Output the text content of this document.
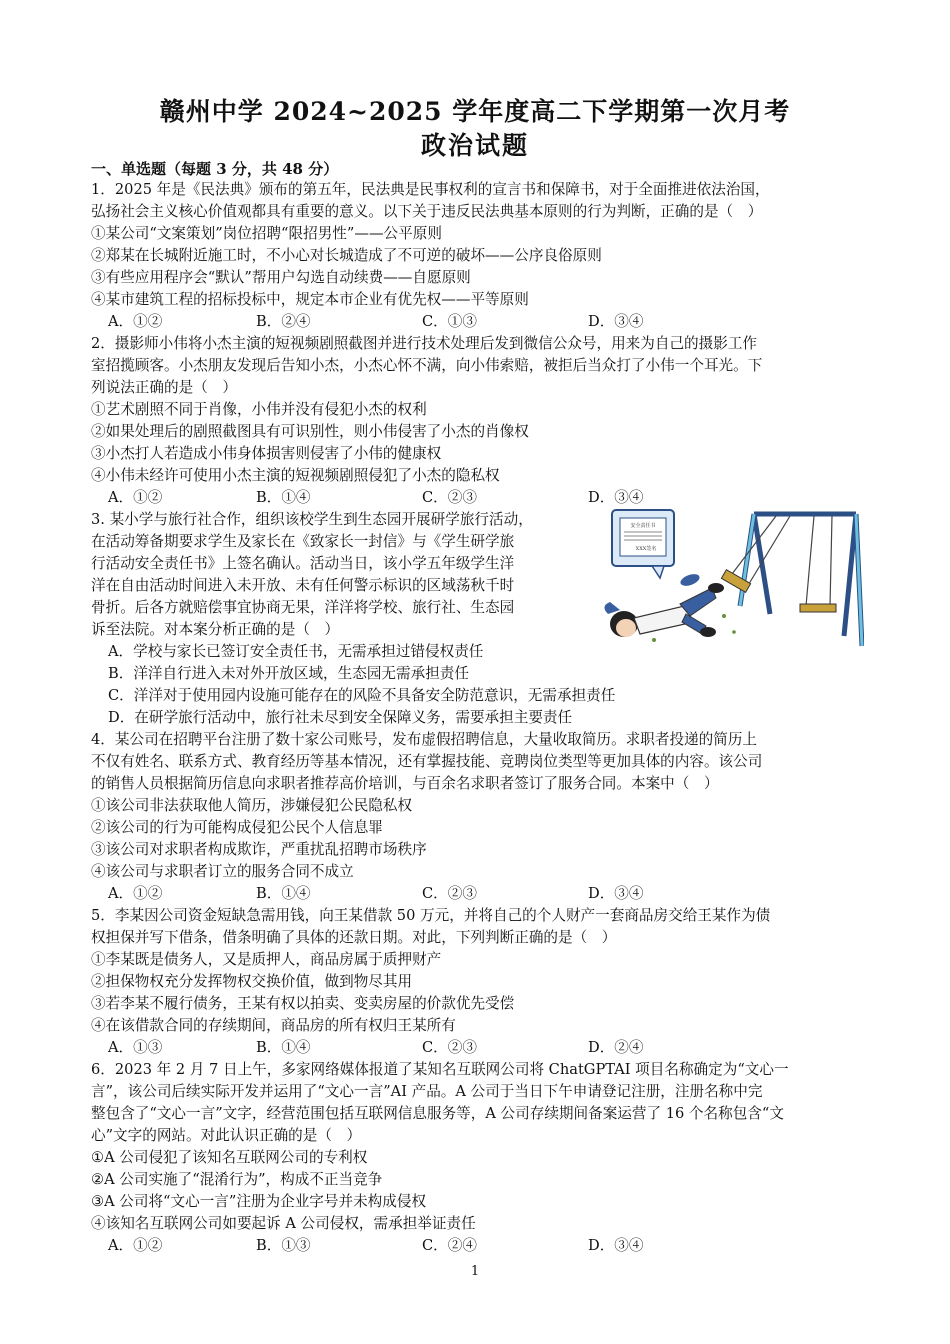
赣州中学 2024~2025 学年度高二下学期第一次月考
政治试题
一、单选题（每题 3 分，共 48 分）
1．2025 年是《民法典》颁布的第五年，民法典是民事权利的宣言书和保障书，对于全面推进依法治国，
弘扬社会主义核心价值观都具有重要的意义。以下关于违反民法典基本原则的行为判断，正确的是（　）
①某公司“文案策划”岗位招聘“限招男性”——公平原则
②郑某在长城附近施工时，不小心对长城造成了不可逆的破坏——公序良俗原则
③有些应用程序会“默认”帮用户勾选自动续费——自愿原则
④某市建筑工程的招标投标中，规定本市企业有优先权——平等原则
A．①②	B．②④	C．①③	D．③④
2．摄影师小伟将小杰主演的短视频剧照截图并进行技术处理后发到微信公众号，用来为自己的摄影工作
室招揽顾客。小杰朋友发现后告知小杰，小杰心怀不满，向小伟索赔，被拒后当众打了小伟一个耳光。下
列说法正确的是（　）
①艺术剧照不同于肖像，小伟并没有侵犯小杰的权利
②如果处理后的剧照截图具有可识别性，则小伟侵害了小杰的肖像权
③小杰打人若造成小伟身体损害则侵害了小伟的健康权
④小伟未经许可使用小杰主演的短视频剧照侵犯了小杰的隐私权
A．①②	B．①④	C．②③	D．③④
3. 某小学与旅行社合作，组织该校学生到生态园开展研学旅行活动，
在活动筹备期要求学生及家长在《致家长一封信》与《学生研学旅
行活动安全责任书》上签名确认。活动当日，该小学五年级学生洋
洋在自由活动时间进入未开放、未有任何警示标识的区域荡秋千时
骨折。后各方就赔偿事宜协商无果，洋洋将学校、旅行社、生态园
诉至法院。对本案分析正确的是（　）
A．学校与家长已签订安全责任书，无需承担过错侵权责任
B．洋洋自行进入未对外开放区域，生态园无需承担责任
C．洋洋对于使用园内设施可能存在的风险不具备安全防范意识，无需承担责任
D．在研学旅行活动中，旅行社未尽到安全保障义务，需要承担主要责任
安全责任书
XXX签名
4．某公司在招聘平台注册了数十家公司账号，发布虚假招聘信息，大量收取简历。求职者投递的简历上
不仅有姓名、联系方式、教育经历等基本情况，还有掌握技能、竞聘岗位类型等更加具体的内容。该公司
的销售人员根据简历信息向求职者推荐高价培训，与百余名求职者签订了服务合同。本案中（　）
①该公司非法获取他人简历，涉嫌侵犯公民隐私权
②该公司的行为可能构成侵犯公民个人信息罪
③该公司对求职者构成欺诈，严重扰乱招聘市场秩序
④该公司与求职者订立的服务合同不成立
A．①②	B．①④	C．②③	D．③④
5．李某因公司资金短缺急需用钱，向王某借款 50 万元，并将自己的个人财产一套商品房交给王某作为债
权担保并写下借条，借条明确了具体的还款日期。对此，下列判断正确的是（　）
①李某既是债务人，又是质押人，商品房属于质押财产
②担保物权充分发挥物权交换价值，做到物尽其用
③若李某不履行债务，王某有权以拍卖、变卖房屋的价款优先受偿
④在该借款合同的存续期间，商品房的所有权归王某所有
A．①③	B．①④	C．②③	D．②④
6．2023 年 2 月 7 日上午，多家网络媒体报道了某知名互联网公司将 ChatGPTAI 项目名称确定为“文心一
言”，该公司后续实际开发并运用了“文心一言”AI 产品。A 公司于当日下午申请登记注册，注册名称中完
整包含了“文心一言”文字，经营范围包括互联网信息服务等，A 公司存续期间备案运营了 16 个名称包含“文
心”文字的网站。对此认识正确的是（　）
①A 公司侵犯了该知名互联网公司的专利权
②A 公司实施了“混淆行为”，构成不正当竞争
③A 公司将“文心一言”注册为企业字号并未构成侵权
④该知名互联网公司如要起诉 A 公司侵权，需承担举证责任
A．①②	B．①③	C．②④	D．③④
1
